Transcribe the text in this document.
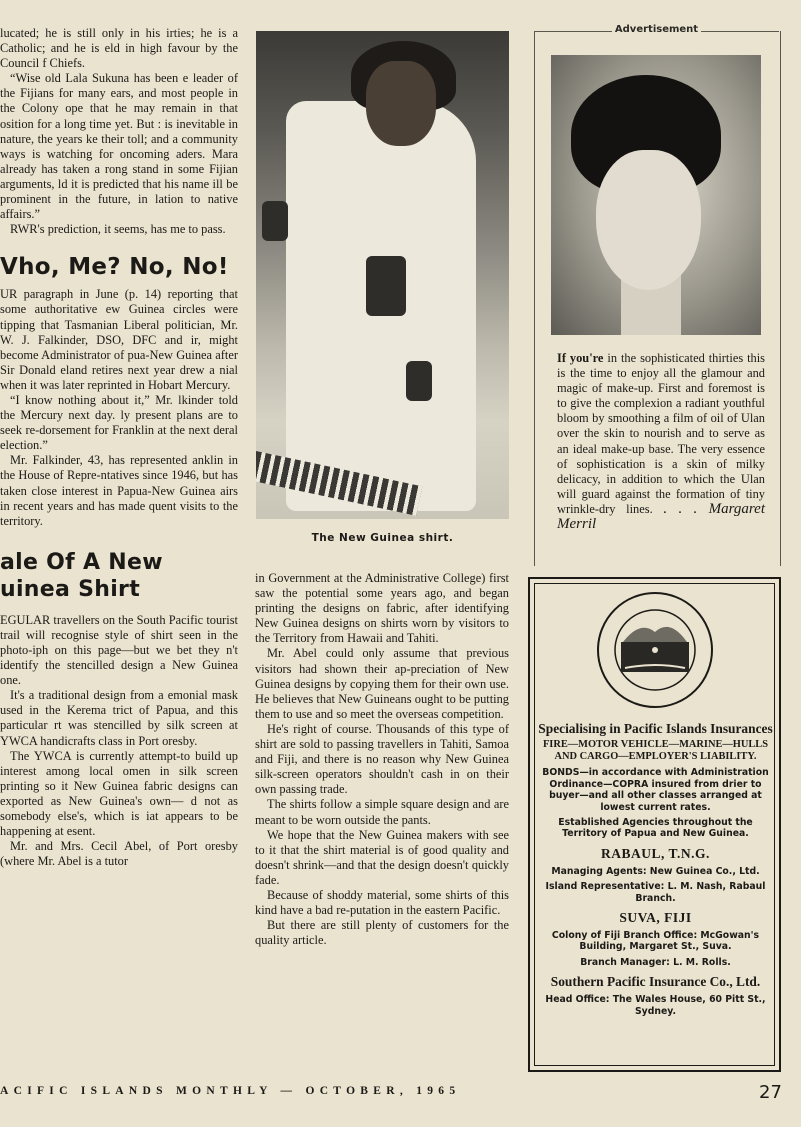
lucated; he is still only in his irties; he is a Catholic; and he is eld in high favour by the Council f Chiefs.

“Wise old Lala Sukuna has been e leader of the Fijians for many ears, and most people in the Colony ope that he may remain in that osition for a long time yet. But : is inevitable in nature, the years ke their toll; and a community ways is watching for oncoming aders. Mara already has taken a rong stand in some Fijian arguments, ld it is predicted that his name ill be prominent in the future, in lation to native affairs.”

RWR's prediction, it seems, has me to pass.

Vho, Me? No, No!

UR paragraph in June (p. 14) reporting that some authoritative ew Guinea circles were tipping that Tasmanian Liberal politician, Mr. W. J. Falkinder, DSO, DFC and ir, might become Administrator of pua-New Guinea after Sir Donald eland retires next year drew a nial when it was later reprinted in Hobart Mercury.

“I know nothing about it,” Mr. lkinder told the Mercury next day. ly present plans are to seek re-dorsement for Franklin at the next deral election.”

Mr. Falkinder, 43, has represented anklin in the House of Repre-ntatives since 1946, but has taken close interest in Papua-New Guinea airs in recent years and has made quent visits to the territory.

ale Of A New
uinea Shirt

EGULAR travellers on the South Pacific tourist trail will recognise style of shirt seen in the photo-iph on this page—but we bet they n't identify the stencilled design a New Guinea one.

It's a traditional design from a emonial mask used in the Kerema trict of Papua, and this particular rt was stencilled by silk screen at YWCA handicrafts class in Port oresby.

The YWCA is currently attempt-to build up interest among local omen in silk screen printing so it New Guinea fabric designs can exported as New Guinea's own— d not as somebody else's, which is iat appears to be happening at esent.

Mr. and Mrs. Cecil Abel, of Port oresby (where Mr. Abel is a tutor

The New Guinea shirt.

in Government at the Administrative College) first saw the potential some years ago, and began printing the designs on fabric, after identifying New Guinea designs on shirts worn by visitors to the Territory from Hawaii and Tahiti.

Mr. Abel could only assume that previous visitors had shown their ap-preciation of New Guinea designs by copying them for their own use. He believes that New Guineans ought to be putting them to use and so meet the overseas competition.

He's right of course. Thousands of this type of shirt are sold to passing travellers in Tahiti, Samoa and Fiji, and there is no reason why New Guinea silk-screen operators shouldn't cash in on their own passing trade.

The shirts follow a simple square design and are meant to be worn outside the pants.

We hope that the New Guinea makers with see to it that the shirt material is of good quality and doesn't shrink—and that the design doesn't quickly fade.

Because of shoddy material, some shirts of this kind have a bad re-putation in the eastern Pacific.

But there are still plenty of customers for the quality article.

Advertisement
If you're in the sophisticated thirties this is the time to enjoy all the glamour and magic of make-up. First and foremost is to give the complexion a radiant youthful bloom by smoothing a film of oil of Ulan over the skin to nourish and to serve as an ideal make-up base. The very essence of sophistication is a skin of milky delicacy, in addition to which the Ulan will guard against the formation of tiny wrinkle-dry lines. . . . Margaret Merril
Specialising in Pacific Islands Insurances
FIRE—MOTOR VEHICLE—MARINE—HULLS AND CARGO—EMPLOYER'S LIABILITY.
BONDS—in accordance with Administration Ordinance—COPRA insured from drier to buyer—and all other classes arranged at lowest current rates.
Established Agencies throughout the Territory of Papua and New Guinea.
RABAUL, T.N.G.
Managing Agents: New Guinea Co., Ltd.
Island Representative: L. M. Nash, Rabaul Branch.
SUVA, FIJI
Colony of Fiji Branch Office: McGowan's Building, Margaret St., Suva.
Branch Manager: L. M. Rolls.
Southern Pacific Insurance Co., Ltd.
Head Office: The Wales House, 60 Pitt St., Sydney.
ACIFIC ISLANDS MONTHLY — OCTOBER, 1965	27
